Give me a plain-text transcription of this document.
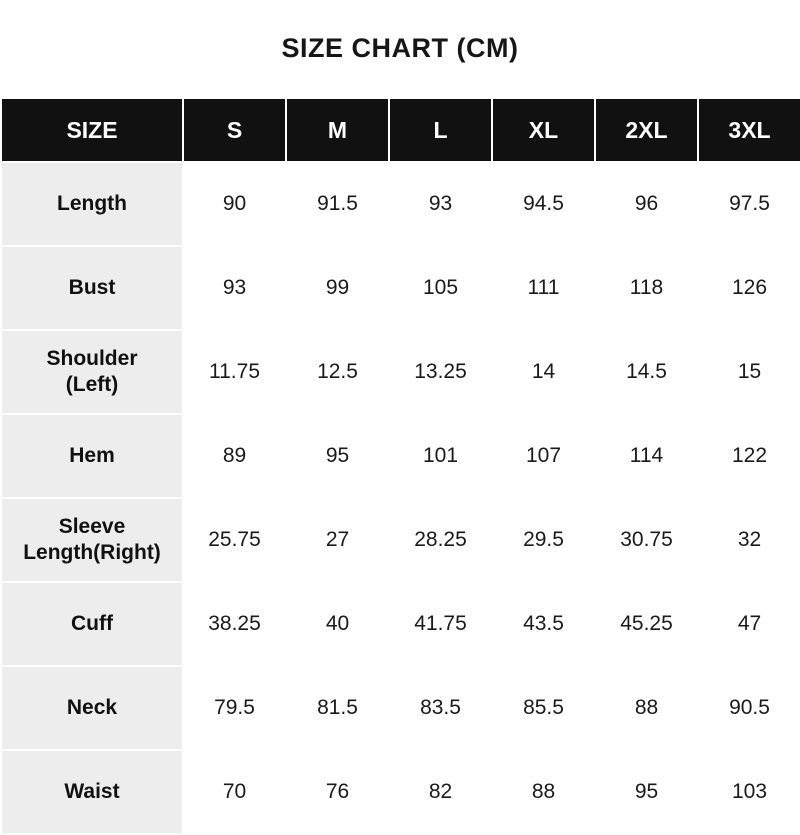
SIZE CHART (CM)
SIZE	S	M	L	XL	2XL	3XL
Length	90	91.5	93	94.5	96	97.5
Bust	93	99	105	111	118	126

Shoulder
(Left)	11.75	12.5	13.25	14	14.5	15
Hem	89	95	101	107	114	122

Sleeve
Length(Right)	25.75	27	28.25	29.5	30.75	32
Cuff	38.25	40	41.75	43.5	45.25	47
Neck	79.5	81.5	83.5	85.5	88	90.5
Waist	70	76	82	88	95	103
